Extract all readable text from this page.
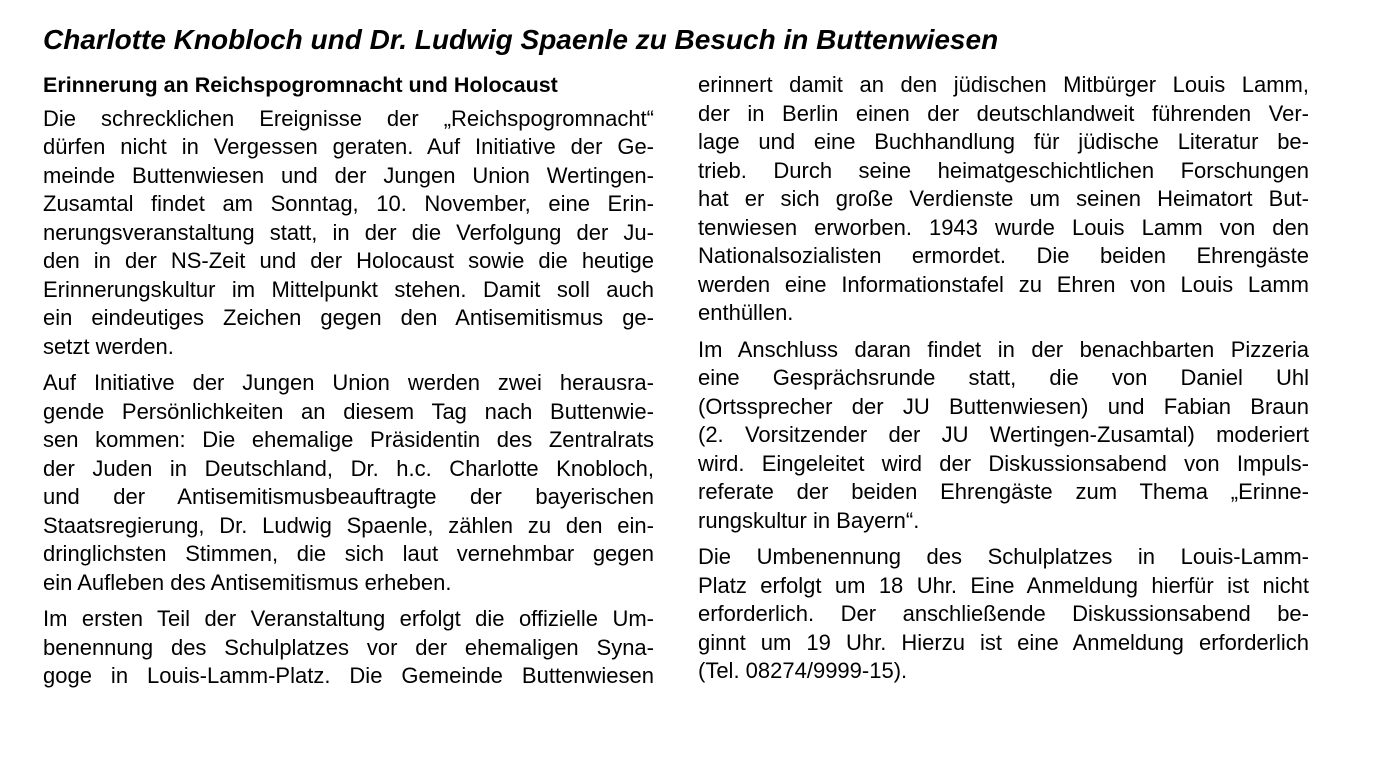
Charlotte Knobloch und Dr. Ludwig Spaenle zu Besuch in Buttenwiesen
Erinnerung an Reichspogromnacht und Holocaust

Die schrecklichen Ereignisse der „Reichspogromnacht“
dürfen nicht in Vergessen geraten. Auf Initiative der Ge-
meinde Buttenwiesen und der Jungen Union Wertingen-
Zusamtal findet am Sonntag, 10. November, eine Erin-
nerungsveranstaltung statt, in der die Verfolgung der Ju-
den in der NS-Zeit und der Holocaust sowie die heutige
Erinnerungskultur im Mittelpunkt stehen. Damit soll auch
ein eindeutiges Zeichen gegen den Antisemitismus ge-
setzt werden.

Auf Initiative der Jungen Union werden zwei herausra-
gende Persönlichkeiten an diesem Tag nach Buttenwie-
sen kommen: Die ehemalige Präsidentin des Zentralrats
der Juden in Deutschland, Dr. h.c. Charlotte Knobloch,
und der Antisemitismusbeauftragte der bayerischen
Staatsregierung, Dr. Ludwig Spaenle, zählen zu den ein-
dringlichsten Stimmen, die sich laut vernehmbar gegen
ein Aufleben des Antisemitismus erheben.

Im ersten Teil der Veranstaltung erfolgt die offizielle Um-
benennung des Schulplatzes vor der ehemaligen Syna-
goge in Louis-Lamm-Platz. Die Gemeinde Buttenwiesen

erinnert damit an den jüdischen Mitbürger Louis Lamm,
der in Berlin einen der deutschlandweit führenden Ver-
lage und eine Buchhandlung für jüdische Literatur be-
trieb. Durch seine heimatgeschichtlichen Forschungen
hat er sich große Verdienste um seinen Heimatort But-
tenwiesen erworben. 1943 wurde Louis Lamm von den
Nationalsozialisten ermordet. Die beiden Ehrengäste
werden eine Informationstafel zu Ehren von Louis Lamm
enthüllen.

Im Anschluss daran findet in der benachbarten Pizzeria
eine Gesprächsrunde statt, die von Daniel Uhl
(Ortssprecher der JU Buttenwiesen) und Fabian Braun
(2. Vorsitzender der JU Wertingen-Zusamtal) moderiert
wird. Eingeleitet wird der Diskussionsabend von Impuls-
referate der beiden Ehrengäste zum Thema „Erinne-
rungskultur in Bayern“.

Die Umbenennung des Schulplatzes in Louis-Lamm-
Platz erfolgt um 18 Uhr. Eine Anmeldung hierfür ist nicht
erforderlich. Der anschließende Diskussionsabend be-
ginnt um 19 Uhr. Hierzu ist eine Anmeldung erforderlich
(Tel. 08274/9999-15).
